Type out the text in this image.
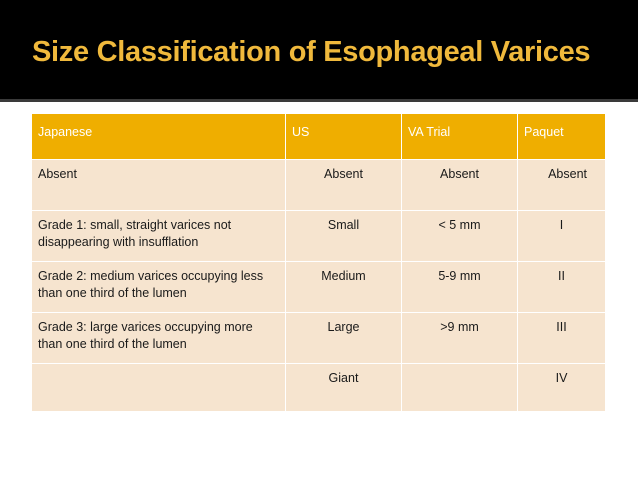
Size Classification of Esophageal Varices
Japanese	US	VA Trial	Paquet
Absent	Absent	Absent	Absent
Grade 1: small, straight varices not disappearing with insufflation	Small	< 5 mm	I
Grade 2: medium varices occupying less than one third of the lumen	Medium	5-9 mm	II
Grade 3: large varices occupying more than one third of the lumen	Large	>9 mm	III
	Giant		IV
